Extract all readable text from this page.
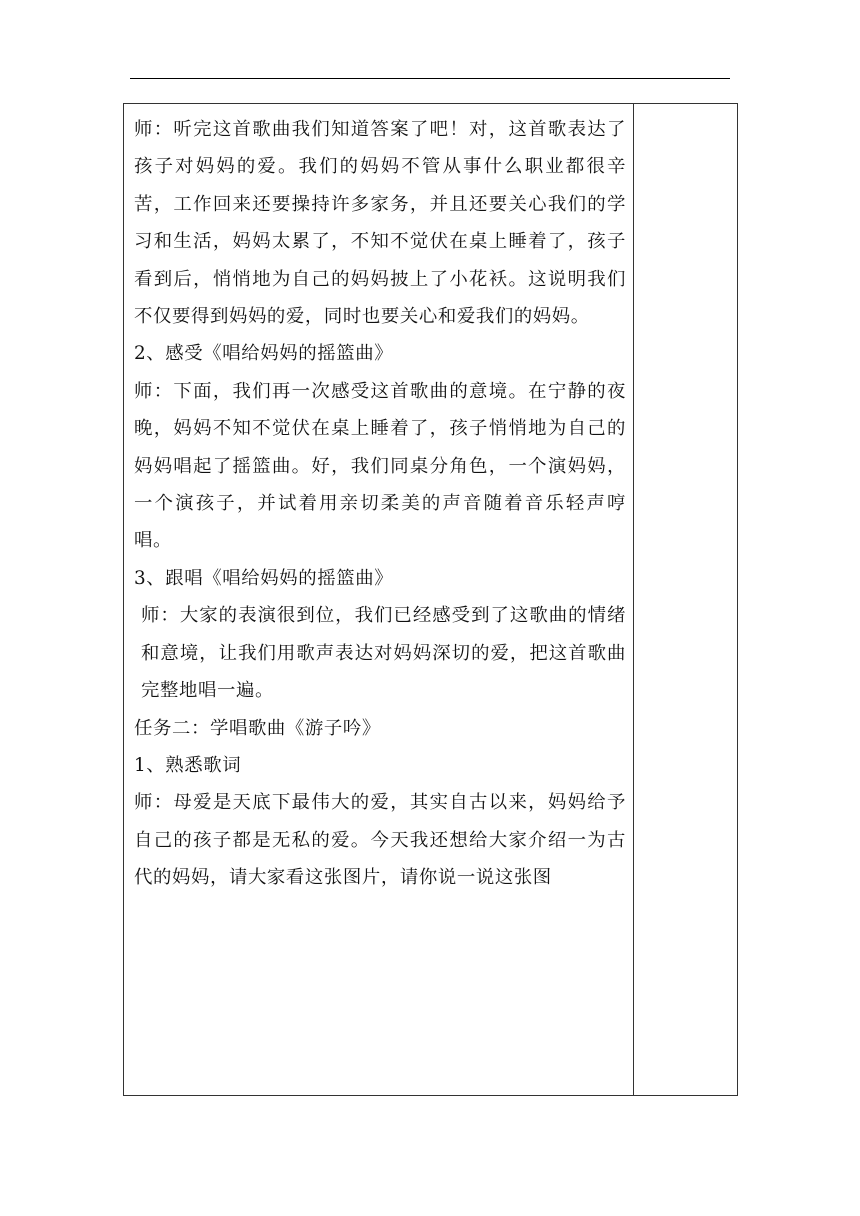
师：听完这首歌曲我们知道答案了吧！对，这首歌表达了孩子对妈妈的爱。我们的妈妈不管从事什么职业都很辛苦，工作回来还要操持许多家务，并且还要关心我们的学习和生活，妈妈太累了，不知不觉伏在桌上睡着了，孩子看到后，悄悄地为自己的妈妈披上了小花袄。这说明我们不仅要得到妈妈的爱，同时也要关心和爱我们的妈妈。

2、感受《唱给妈妈的摇篮曲》

师：下面，我们再一次感受这首歌曲的意境。在宁静的夜晚，妈妈不知不觉伏在桌上睡着了，孩子悄悄地为自己的妈妈唱起了摇篮曲。好，我们同桌分角色，一个演妈妈，一个演孩子，并试着用亲切柔美的声音随着音乐轻声哼唱。

3、跟唱《唱给妈妈的摇篮曲》

师：大家的表演很到位，我们已经感受到了这歌曲的情绪和意境，让我们用歌声表达对妈妈深切的爱，把这首歌曲完整地唱一遍。

任务二：学唱歌曲《游子吟》

1、熟悉歌词

师：母爱是天底下最伟大的爱，其实自古以来，妈妈给予自己的孩子都是无私的爱。今天我还想给大家介绍一为古代的妈妈，请大家看这张图片，请你说一说这张图
